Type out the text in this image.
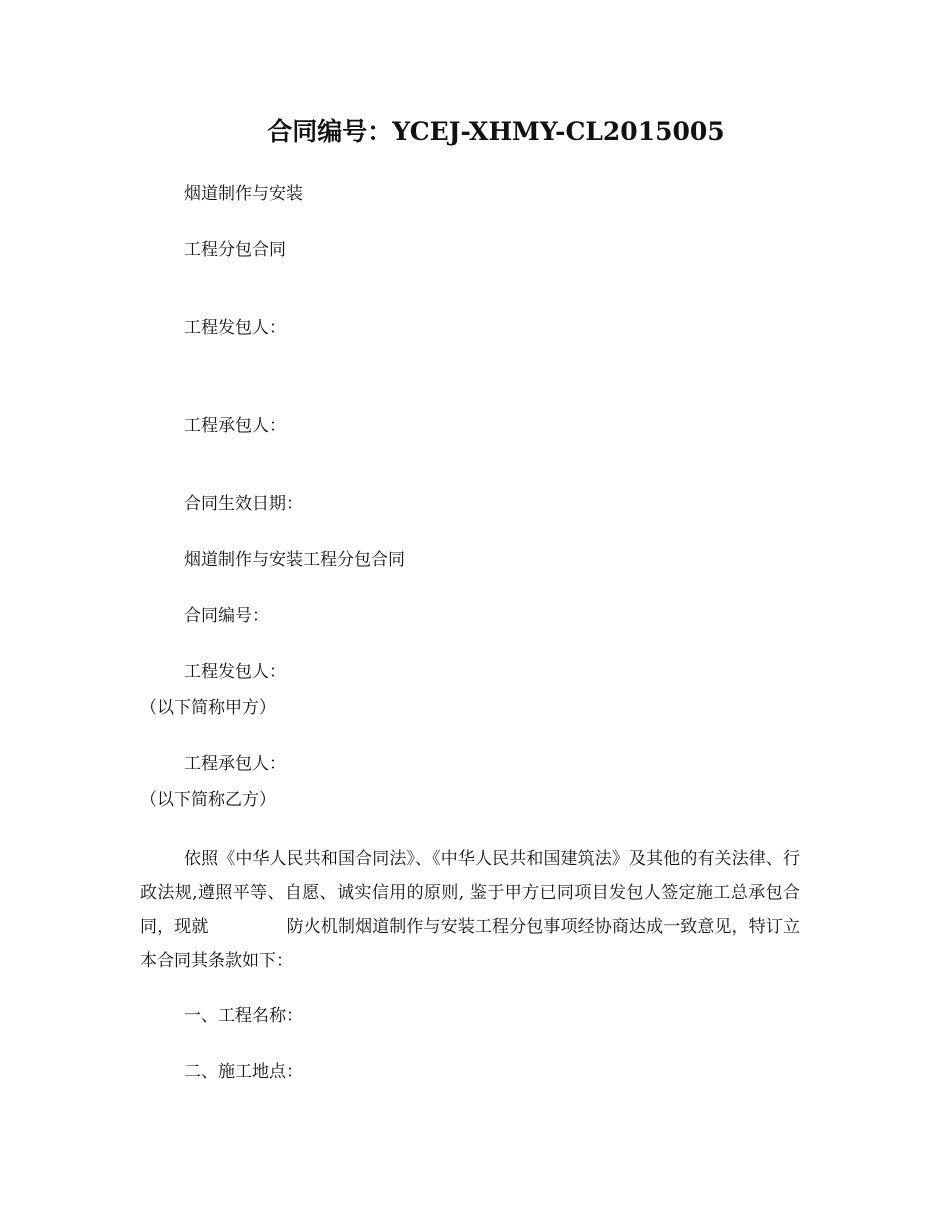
合同编号：YCEJ-XHMY-CL2015005
烟道制作与安装
工程分包合同
工程发包人：
工程承包人：
合同生效日期：
烟道制作与安装工程分包合同
合同编号：
工程发包人：
（以下简称甲方）
工程承包人：
（以下简称乙方）
依照《中华人民共和国合同法》、《中华人民共和国建筑法》及其他的有关法律、行政法规,遵照平等、自愿、诚实信用的原则, 鉴于甲方已同项目发包人签定施工总承包合同，现就	防火机制烟道制作与安装工程分包事项经协商达成一致意见，特订立本合同其条款如下：
一、工程名称：
二、施工地点：
